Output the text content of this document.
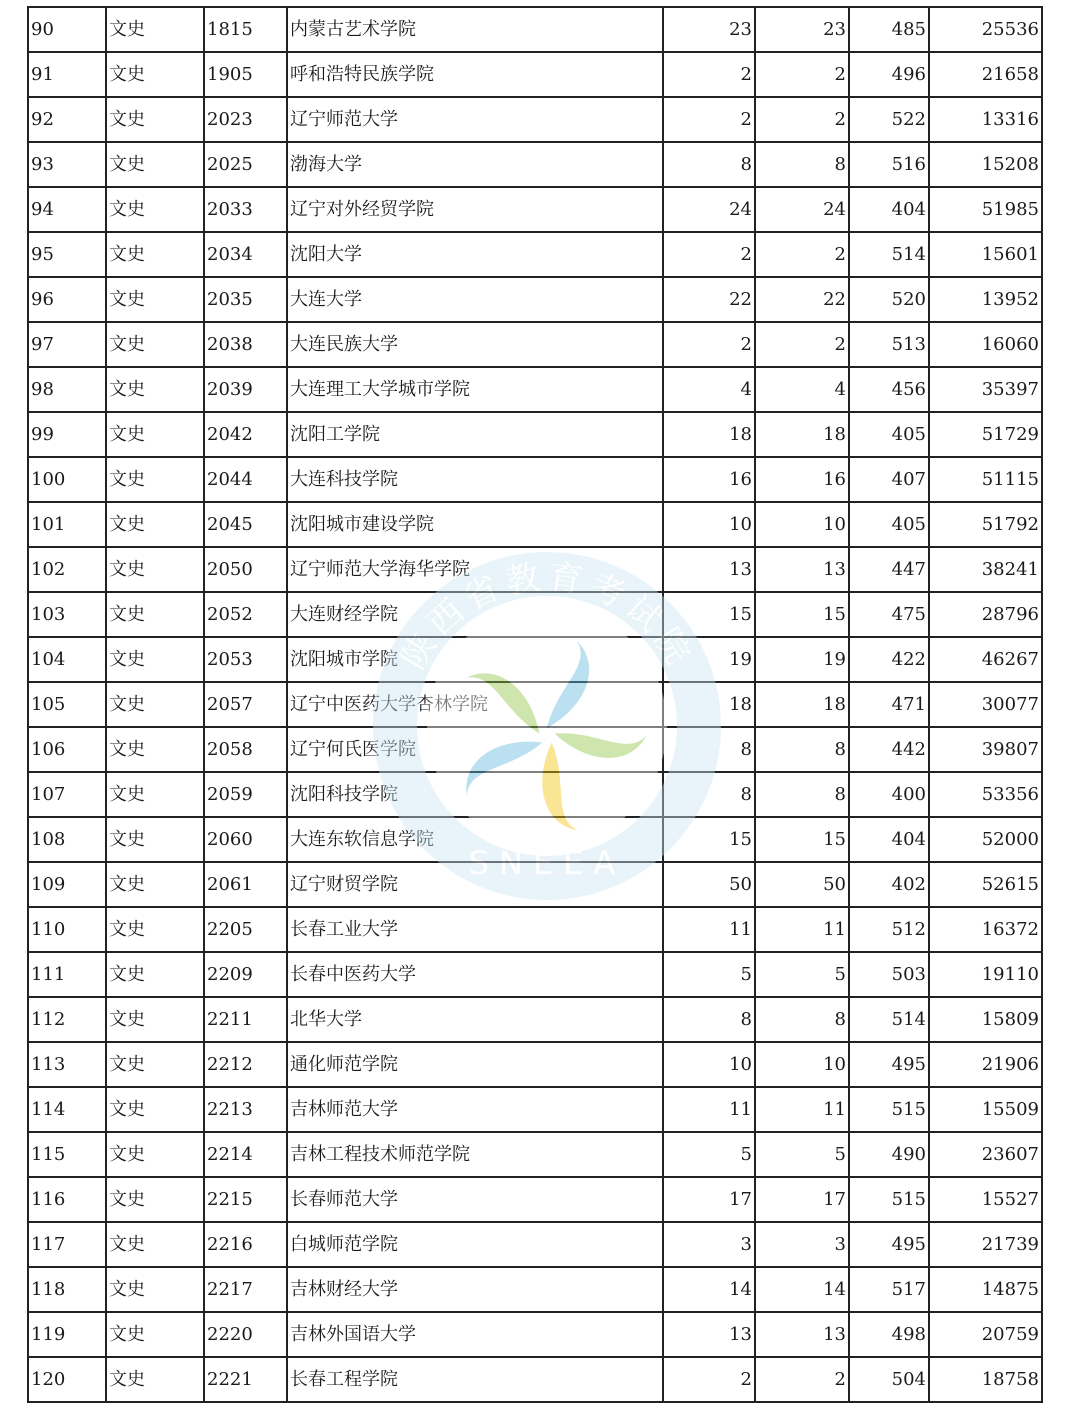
90	文史	1815	内蒙古艺术学院	23	23	485	25536
91	文史	1905	呼和浩特民族学院	2	2	496	21658
92	文史	2023	辽宁师范大学	2	2	522	13316
93	文史	2025	渤海大学	8	8	516	15208
94	文史	2033	辽宁对外经贸学院	24	24	404	51985
95	文史	2034	沈阳大学	2	2	514	15601
96	文史	2035	大连大学	22	22	520	13952
97	文史	2038	大连民族大学	2	2	513	16060
98	文史	2039	大连理工大学城市学院	4	4	456	35397
99	文史	2042	沈阳工学院	18	18	405	51729
100	文史	2044	大连科技学院	16	16	407	51115
101	文史	2045	沈阳城市建设学院	10	10	405	51792
102	文史	2050	辽宁师范大学海华学院	13	13	447	38241
103	文史	2052	大连财经学院	15	15	475	28796
104	文史	2053	沈阳城市学院	19	19	422	46267
105	文史	2057	辽宁中医药大学杏林学院	18	18	471	30077
106	文史	2058	辽宁何氏医学院	8	8	442	39807
107	文史	2059	沈阳科技学院	8	8	400	53356
108	文史	2060	大连东软信息学院	15	15	404	52000
109	文史	2061	辽宁财贸学院	50	50	402	52615
110	文史	2205	长春工业大学	11	11	512	16372
111	文史	2209	长春中医药大学	5	5	503	19110
112	文史	2211	北华大学	8	8	514	15809
113	文史	2212	通化师范学院	10	10	495	21906
114	文史	2213	吉林师范大学	11	11	515	15509
115	文史	2214	吉林工程技术师范学院	5	5	490	23607
116	文史	2215	长春师范大学	17	17	515	15527
117	文史	2216	白城师范学院	3	3	495	21739
118	文史	2217	吉林财经大学	14	14	517	14875
119	文史	2220	吉林外国语大学	13	13	498	20759
120	文史	2221	长春工程学院	2	2	504	18758
陕西省教育考试院
SNEEA
